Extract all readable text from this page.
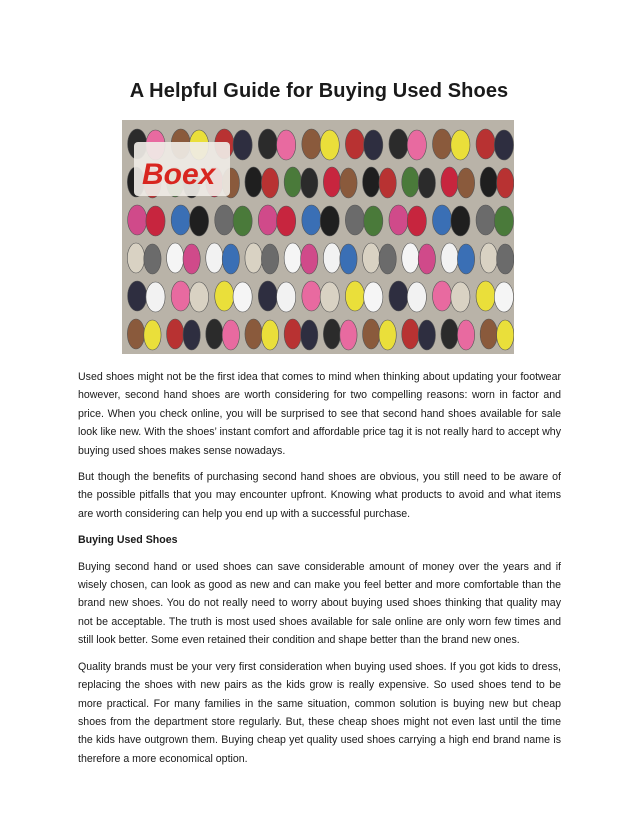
A Helpful Guide for Buying Used Shoes
Boex

Used shoes might not be the first idea that comes to mind when thinking about updating your footwear however, second hand shoes are worth considering for two compelling reasons: worn in factor and price. When you check online, you will be surprised to see that second hand shoes available for sale look like new. With the shoes’ instant comfort and affordable price tag it is not really hard to accept why buying used shoes makes sense nowadays.

But though the benefits of purchasing second hand shoes are obvious, you still need to be aware of the possible pitfalls that you may encounter upfront. Knowing what products to avoid and what items are worth considering can help you end up with a successful purchase.

Buying Used Shoes

Buying second hand or used shoes can save considerable amount of money over the years and if wisely chosen, can look as good as new and can make you feel better and more comfortable than the brand new shoes. You do not really need to worry about buying used shoes thinking that quality may not be acceptable. The truth is most used shoes available for sale online are only worn few times and still look better. Some even retained their condition and shape better than the brand new ones.

Quality brands must be your very first consideration when buying used shoes. If you got kids to dress, replacing the shoes with new pairs as the kids grow is really expensive. So used shoes tend to be more practical. For many families in the same situation, common solution is buying new but cheap shoes from the department store regularly. But, these cheap shoes might not even last until the time the kids have outgrown them. Buying cheap yet quality used shoes carrying a high end brand name is therefore a more economical option.
